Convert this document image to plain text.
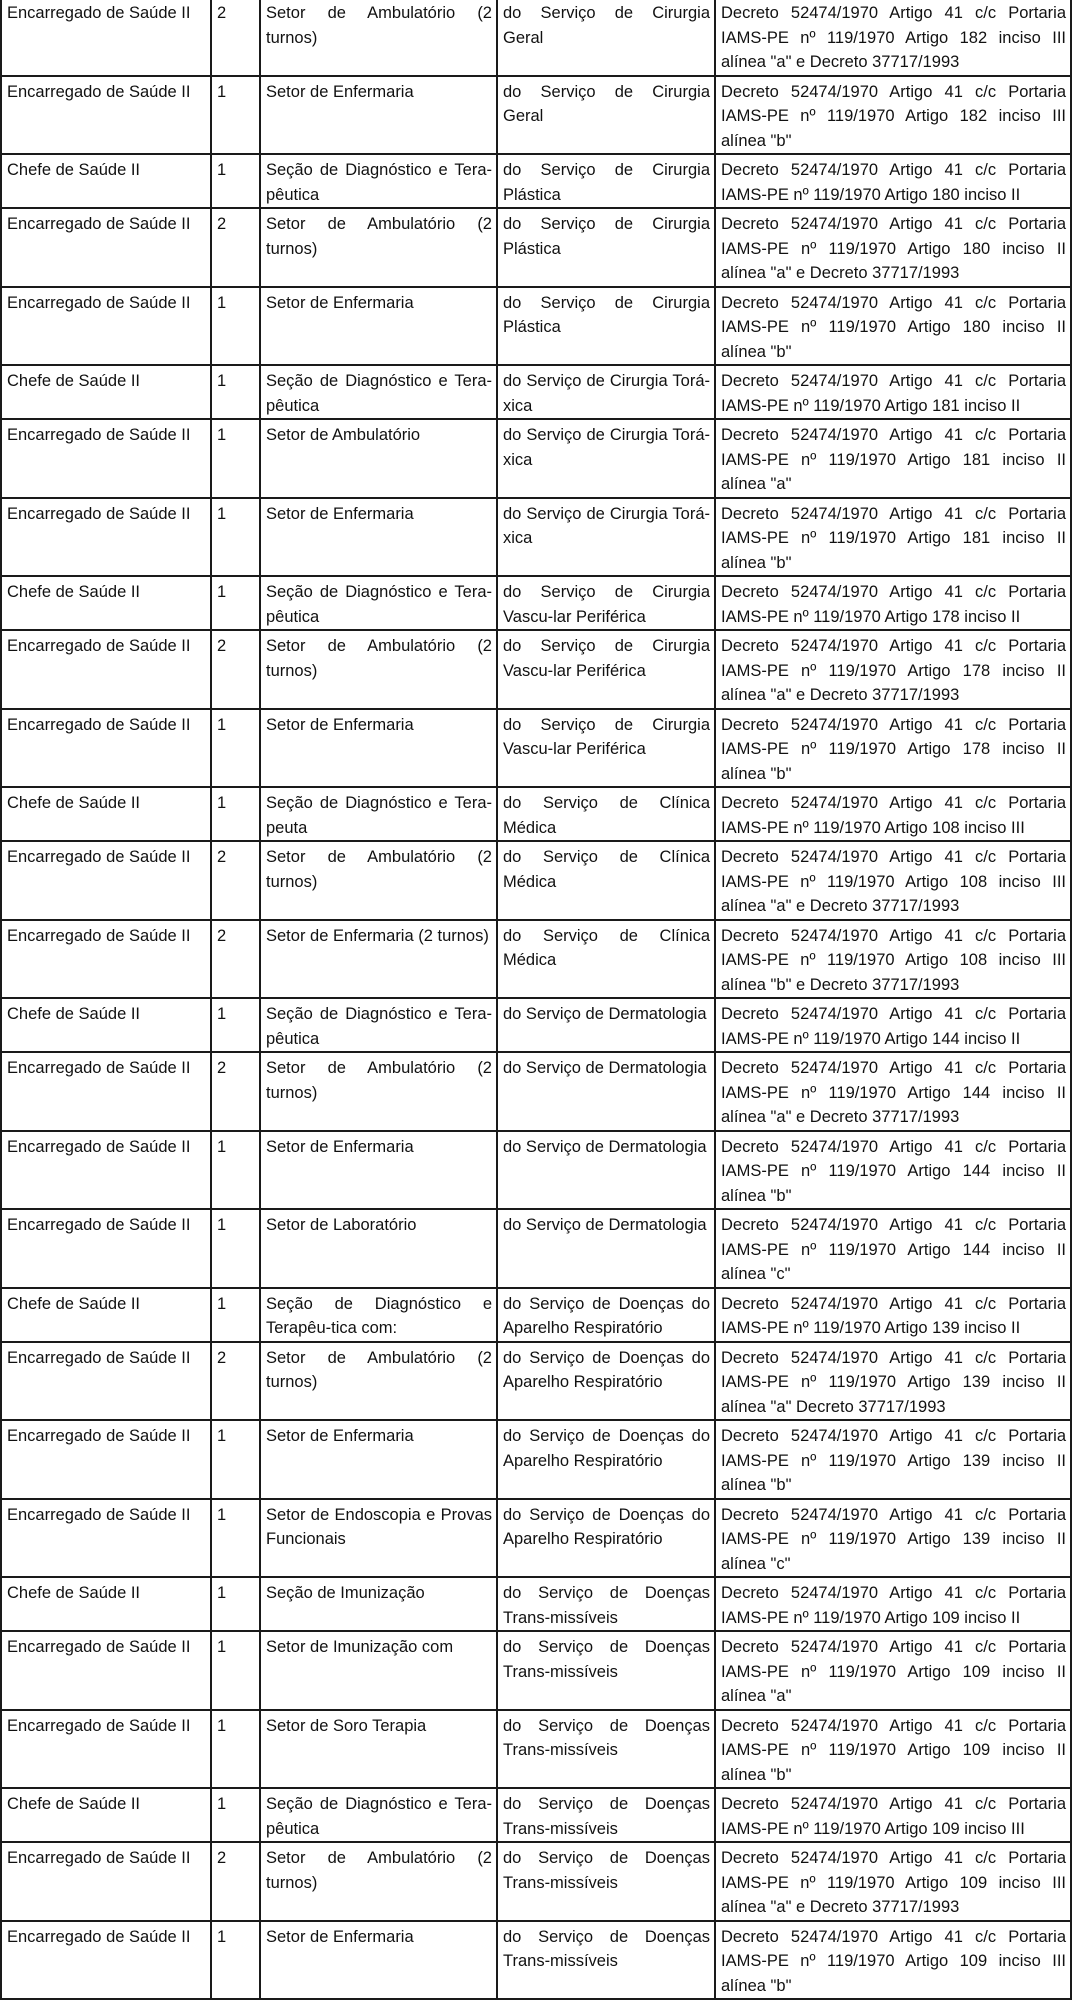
Encarregado de Saúde II	2	Setor de Ambulatório (2 turnos)	do Serviço de Cirurgia Geral	Decreto 52474/1970 Artigo 41 c/c Portaria IAMS-PE nº 119/1970 Artigo 182 inciso III alínea "a" e Decreto 37717/1993
Encarregado de Saúde II	1	Setor de Enfermaria	do Serviço de Cirurgia Geral	Decreto 52474/1970 Artigo 41 c/c Portaria IAMS-PE nº 119/1970 Artigo 182 inciso III alínea "b"
Chefe de Saúde II	1	Seção de Diagnóstico e Tera-pêutica	do Serviço de Cirurgia Plástica	Decreto 52474/1970 Artigo 41 c/c Portaria IAMS-PE nº 119/1970 Artigo 180 inciso II
Encarregado de Saúde II	2	Setor de Ambulatório (2 turnos)	do Serviço de Cirurgia Plástica	Decreto 52474/1970 Artigo 41 c/c Portaria IAMS-PE nº 119/1970 Artigo 180 inciso II alínea "a" e Decreto 37717/1993
Encarregado de Saúde II	1	Setor de Enfermaria	do Serviço de Cirurgia Plástica	Decreto 52474/1970 Artigo 41 c/c Portaria IAMS-PE nº 119/1970 Artigo 180 inciso II alínea "b"
Chefe de Saúde II	1	Seção de Diagnóstico e Tera-pêutica	do Serviço de Cirurgia Torá-xica	Decreto 52474/1970 Artigo 41 c/c Portaria IAMS-PE nº 119/1970 Artigo 181 inciso II
Encarregado de Saúde II	1	Setor de Ambulatório	do Serviço de Cirurgia Torá-xica	Decreto 52474/1970 Artigo 41 c/c Portaria IAMS-PE nº 119/1970 Artigo 181 inciso II alínea "a"
Encarregado de Saúde II	1	Setor de Enfermaria	do Serviço de Cirurgia Torá-xica	Decreto 52474/1970 Artigo 41 c/c Portaria IAMS-PE nº 119/1970 Artigo 181 inciso II alínea "b"
Chefe de Saúde II	1	Seção de Diagnóstico e Tera-pêutica	do Serviço de Cirurgia Vascu-lar Periférica	Decreto 52474/1970 Artigo 41 c/c Portaria IAMS-PE nº 119/1970 Artigo 178 inciso II
Encarregado de Saúde II	2	Setor de Ambulatório (2 turnos)	do Serviço de Cirurgia Vascu-lar Periférica	Decreto 52474/1970 Artigo 41 c/c Portaria IAMS-PE nº 119/1970 Artigo 178 inciso II alínea "a" e Decreto 37717/1993
Encarregado de Saúde II	1	Setor de Enfermaria	do Serviço de Cirurgia Vascu-lar Periférica	Decreto 52474/1970 Artigo 41 c/c Portaria IAMS-PE nº 119/1970 Artigo 178 inciso II alínea "b"
Chefe de Saúde II	1	Seção de Diagnóstico e Tera-peuta	do Serviço de Clínica Médica	Decreto 52474/1970 Artigo 41 c/c Portaria IAMS-PE nº 119/1970 Artigo 108 inciso III
Encarregado de Saúde II	2	Setor de Ambulatório (2 turnos)	do Serviço de Clínica Médica	Decreto 52474/1970 Artigo 41 c/c Portaria IAMS-PE nº 119/1970 Artigo 108 inciso III alínea "a" e Decreto 37717/1993
Encarregado de Saúde II	2	Setor de Enfermaria (2 turnos)	do Serviço de Clínica Médica	Decreto 52474/1970 Artigo 41 c/c Portaria IAMS-PE nº 119/1970 Artigo 108 inciso III alínea "b" e Decreto 37717/1993
Chefe de Saúde II	1	Seção de Diagnóstico e Tera-pêutica	do Serviço de Dermatologia	Decreto 52474/1970 Artigo 41 c/c Portaria IAMS-PE nº 119/1970 Artigo 144 inciso II
Encarregado de Saúde II	2	Setor de Ambulatório (2 turnos)	do Serviço de Dermatologia	Decreto 52474/1970 Artigo 41 c/c Portaria IAMS-PE nº 119/1970 Artigo 144 inciso II alínea "a" e Decreto 37717/1993
Encarregado de Saúde II	1	Setor de Enfermaria	do Serviço de Dermatologia	Decreto 52474/1970 Artigo 41 c/c Portaria IAMS-PE nº 119/1970 Artigo 144 inciso II alínea "b"
Encarregado de Saúde II	1	Setor de Laboratório	do Serviço de Dermatologia	Decreto 52474/1970 Artigo 41 c/c Portaria IAMS-PE nº 119/1970 Artigo 144 inciso II alínea "c"
Chefe de Saúde II	1	Seção de Diagnóstico e Terapêu-tica com:	do Serviço de Doenças do Aparelho Respiratório	Decreto 52474/1970 Artigo 41 c/c Portaria IAMS-PE nº 119/1970 Artigo 139 inciso II
Encarregado de Saúde II	2	Setor de Ambulatório (2 turnos)	do Serviço de Doenças do Aparelho Respiratório	Decreto 52474/1970 Artigo 41 c/c Portaria IAMS-PE nº 119/1970 Artigo 139 inciso II alínea "a" Decreto 37717/1993
Encarregado de Saúde II	1	Setor de Enfermaria	do Serviço de Doenças do Aparelho Respiratório	Decreto 52474/1970 Artigo 41 c/c Portaria IAMS-PE nº 119/1970 Artigo 139 inciso II alínea "b"
Encarregado de Saúde II	1	Setor de Endoscopia e Provas Funcionais	do Serviço de Doenças do Aparelho Respiratório	Decreto 52474/1970 Artigo 41 c/c Portaria IAMS-PE nº 119/1970 Artigo 139 inciso II alínea "c"
Chefe de Saúde II	1	Seção de Imunização	do Serviço de Doenças Trans-missíveis	Decreto 52474/1970 Artigo 41 c/c Portaria IAMS-PE nº 119/1970 Artigo 109 inciso II
Encarregado de Saúde II	1	Setor de Imunização com	do Serviço de Doenças Trans-missíveis	Decreto 52474/1970 Artigo 41 c/c Portaria IAMS-PE nº 119/1970 Artigo 109 inciso II alínea "a"
Encarregado de Saúde II	1	Setor de Soro Terapia	do Serviço de Doenças Trans-missíveis	Decreto 52474/1970 Artigo 41 c/c Portaria IAMS-PE nº 119/1970 Artigo 109 inciso II alínea "b"
Chefe de Saúde II	1	Seção de Diagnóstico e Tera-pêutica	do Serviço de Doenças Trans-missíveis	Decreto 52474/1970 Artigo 41 c/c Portaria IAMS-PE nº 119/1970 Artigo 109 inciso III
Encarregado de Saúde II	2	Setor de Ambulatório (2 turnos)	do Serviço de Doenças Trans-missíveis	Decreto 52474/1970 Artigo 41 c/c Portaria IAMS-PE nº 119/1970 Artigo 109 inciso III alínea "a" e Decreto 37717/1993
Encarregado de Saúde II	1	Setor de Enfermaria	do Serviço de Doenças Trans-missíveis	Decreto 52474/1970 Artigo 41 c/c Portaria IAMS-PE nº 119/1970 Artigo 109 inciso III alínea "b"
